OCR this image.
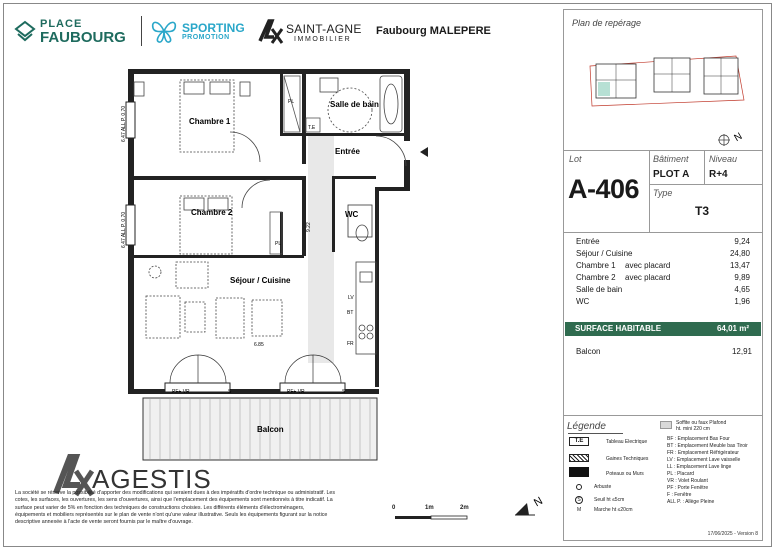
PLACE
FAUBOURG
SPORTING
PROMOTION
SAINT-AGNE
IMMOBILIER
Faubourg MALEPERE
Chambre 1
Salle de bain
Entrée
Chambre 2	WC
Séjour / Cuisine
Balcon
PL
PL
T.E
LV
BT
FR
PF+ VR	PF+ VR
S	S
6.47 ALL P. 0.70
6.47 ALL P. 0.70	9.22
6.85
Plan de repérage
N
Lot
A-406
Bâtiment
PLOT A
Niveau
R+4
Type
T3
Entrée	9,24
Séjour / Cuisine	24,80
Chambre 1 avec placard	13,47
Chambre 2 avec placard	9,89
Salle de bain	4,65
WC	1,96
SURFACE HABITABLE	64,01 m²
Balcon	12,91
Légende
T.E	Tableau Electrique
Gaines Techniques
Poteaux ou Murs
Arbuste
S	Seuil ht ≤5cm
M	Marche ht ≤20cm
Soffite ou faux Plafond
ht. mini 220 cm
BF : Emplacement Bas Four
BT : Emplacement Meuble bas Tiroir
FR : Emplacement Réfrigérateur
LV : Emplacement Lave vaisselle
LL : Emplacement Lave linge
PL : Placard
VR : Volet Roulant
PF : Porte Fenêtre
F : Fenêtre
ALL P. : Allège Pleine
17/06/2025 - Version 8
AGESTIS
La société se réserve la possibilité d'apporter des modifications qui seraient dues à des impératifs d'ordre technique ou administratif. Les cotes, les surfaces, les ouvertures, les sens d'ouvertures, ainsi que l'emplacement des équipements sont mentionnés à titre indicatif. La surface peut varier de 5% en fonction des techniques de constructions choisies. Les différents éléments d'électroménagers, équipements et mobiliers représentés sur le plan de vente n'ont qu'une valeur illustrative. Seuls les équipements figurant sur la notice descriptive annexée à l'acte de vente seront fournis par le maître d'ouvrage.
0	1m	2m	N
